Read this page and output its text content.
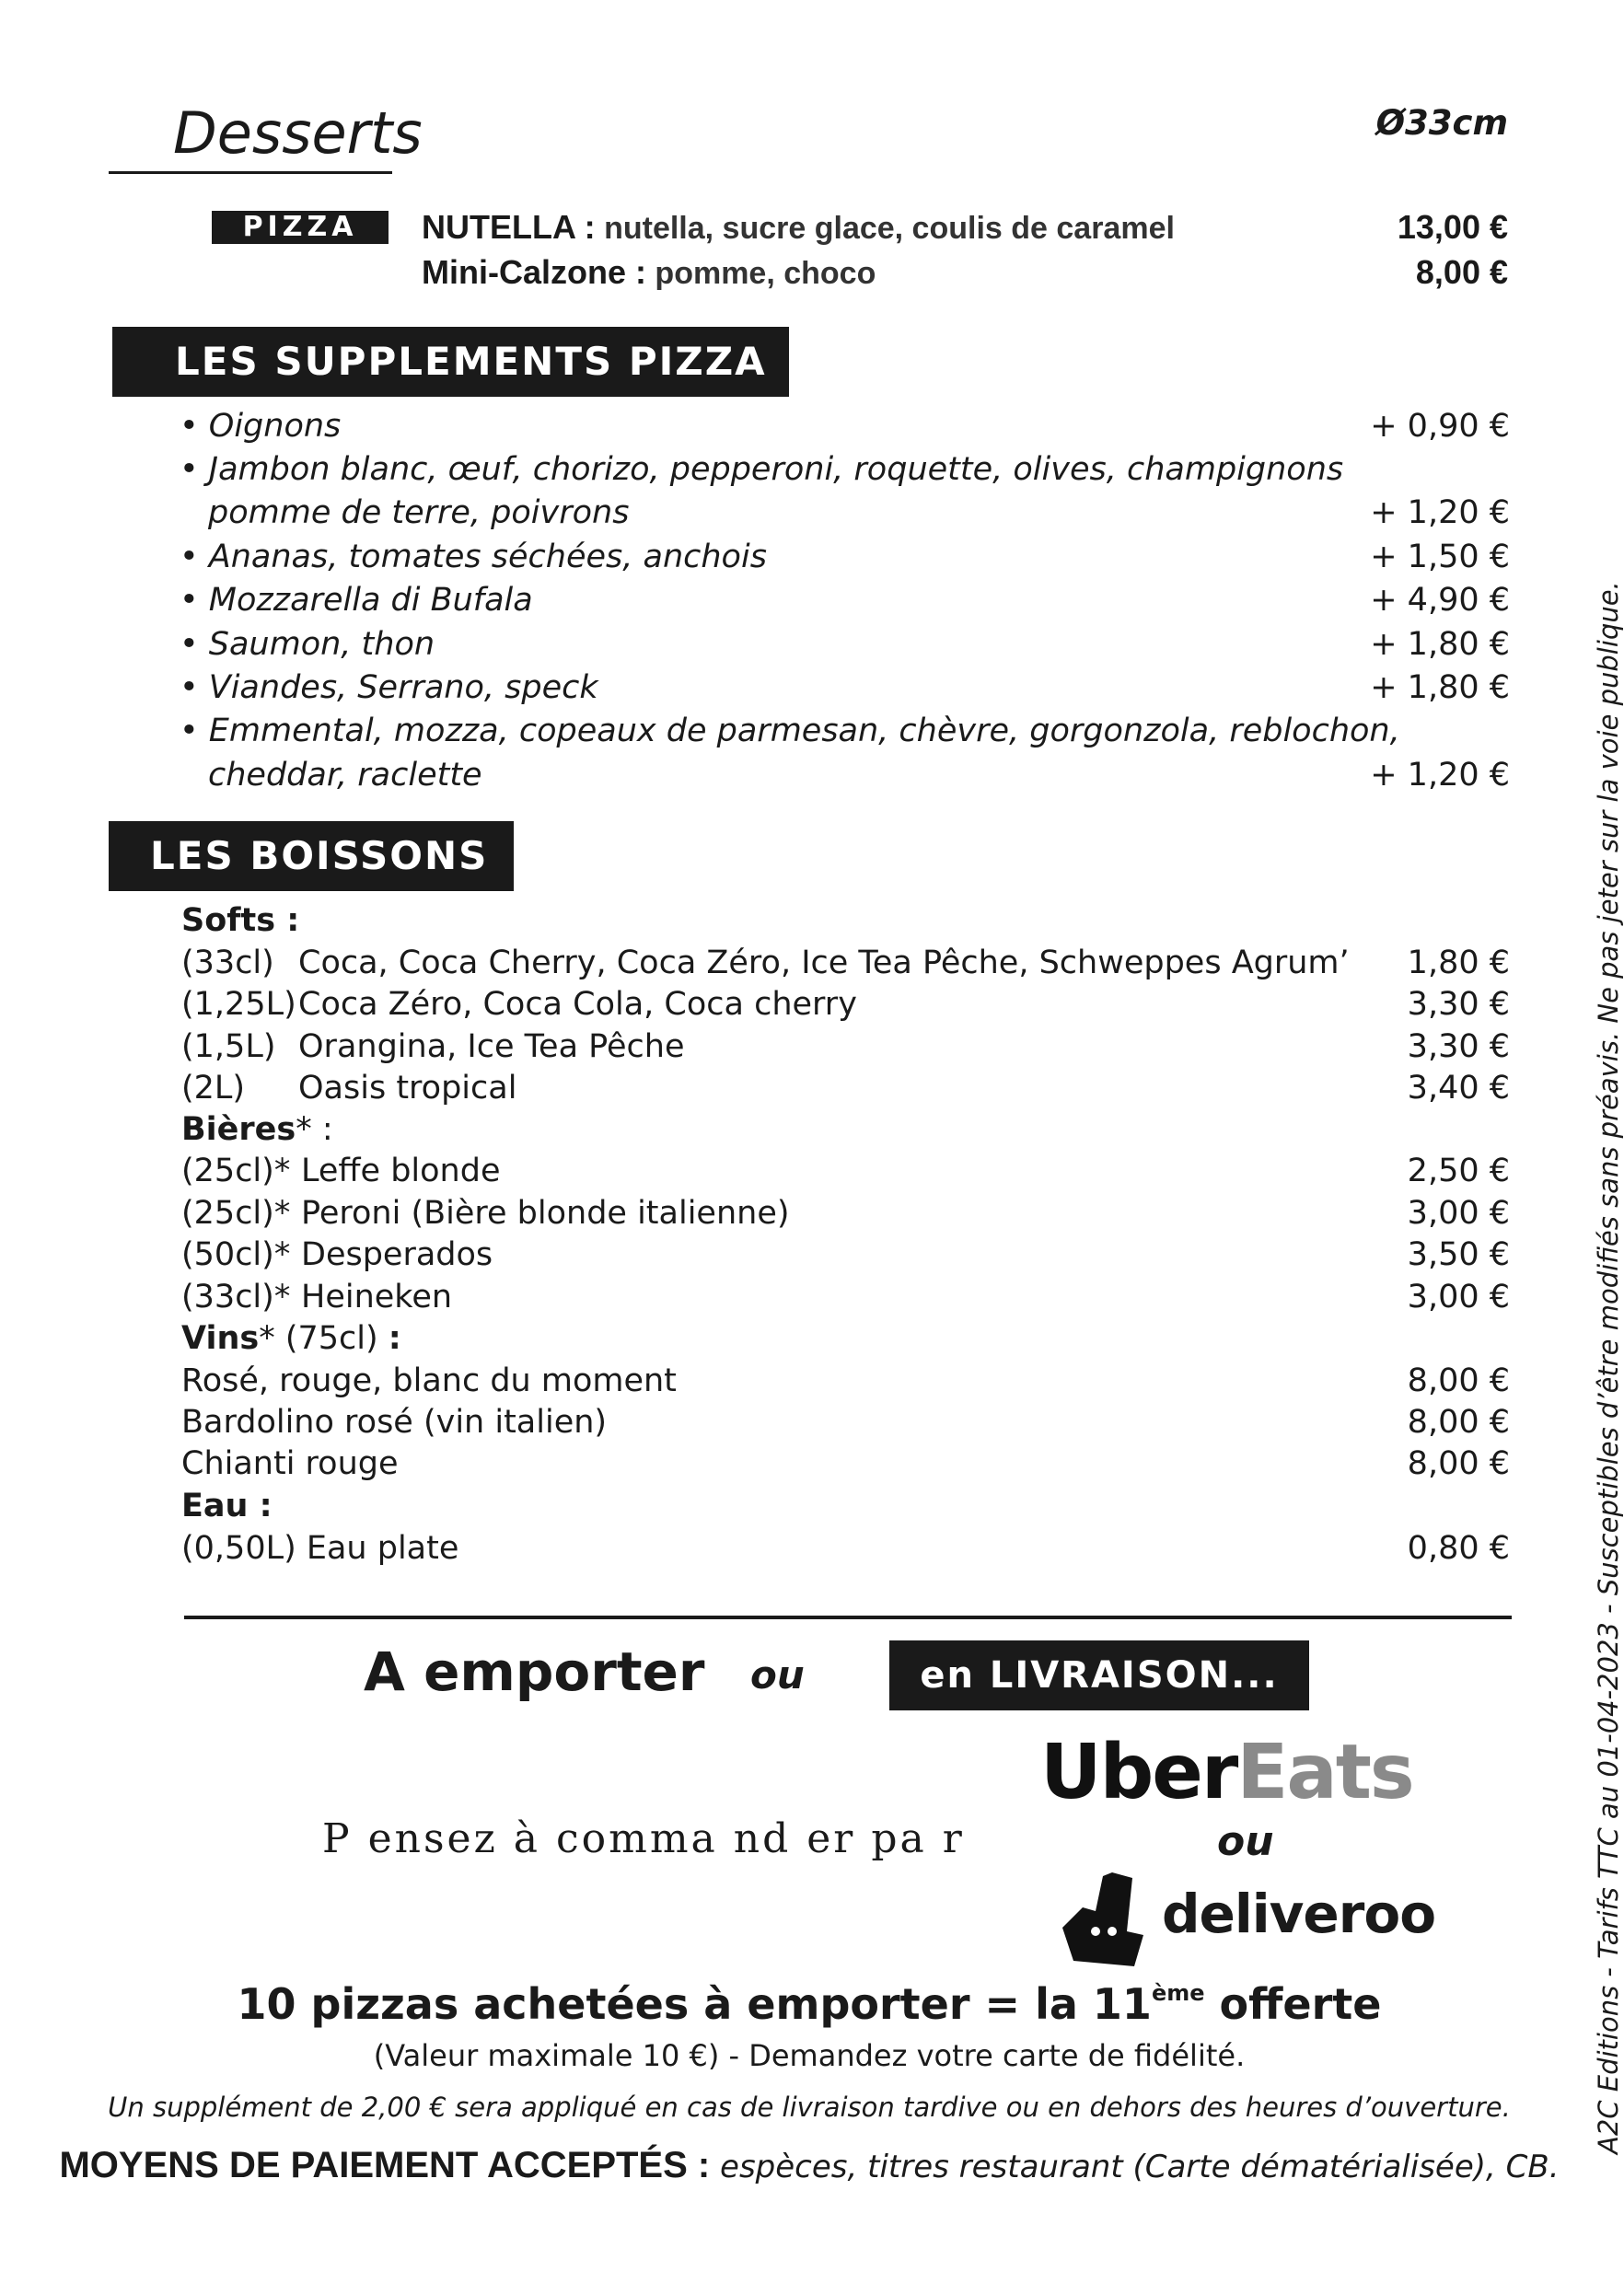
Desserts	Ø33cm
PIZZA	NUTELLA : nutella, sucre glace, coulis de caramel	13,00 €
Mini-Calzone : pomme, choco	8,00 €
LES SUPPLEMENTS PIZZA
• Oignons	+ 0,90 €
• Jambon blanc, œuf, chorizo, pepperoni, roquette, olives, champignons
pomme de terre, poivrons	+ 1,20 €
• Ananas, tomates séchées, anchois	+ 1,50 €
• Mozzarella di Bufala	+ 4,90 €
• Saumon, thon	+ 1,80 €
• Viandes, Serrano, speck	+ 1,80 €
• Emmental, mozza, copeaux de parmesan, chèvre, gorgonzola, reblochon,
cheddar, raclette	+ 1,20 €
LES BOISSONS
Softs :
(33cl) Coca, Coca Cherry, Coca Zéro, Ice Tea Pêche, Schweppes Agrum’ 1,80 €
(1,25L) Coca Zéro, Coca Cola, Coca cherry	3,30 €
(1,5L) Orangina, Ice Tea Pêche	3,30 €
(2L) Oasis tropical	3,40 €
Bières* :
(25cl)* Leffe blonde	2,50 €
(25cl)* Peroni (Bière blonde italienne)	3,00 €
(50cl)* Desperados	3,50 €
(33cl)* Heineken	3,00 €
Vins* (75cl) :
Rosé, rouge, blanc du moment	8,00 €
Bardolino rosé (vin italien)	8,00 €
Chianti rouge	8,00 €
Eau :
(0,50L) Eau plate	0,80 €
A emporter ou	en LIVRAISON...
P ensez à comma nd er pa r
UberEats
ou
deliveroo
10 pizzas achetées à emporter = la 11ème offerte
(Valeur maximale 10 €) - Demandez votre carte de fidélité.
Un supplément de 2,00 € sera appliqué en cas de livraison tardive ou en dehors des heures d’ouverture.
MOYENS DE PAIEMENT ACCEPTÉS : espèces, titres restaurant (Carte dématérialisée), CB.
A2C Editions - Tarifs TTC au 01-04-2023 - Susceptibles d’être modifiés sans préavis. Ne pas jeter sur la voie publique.
